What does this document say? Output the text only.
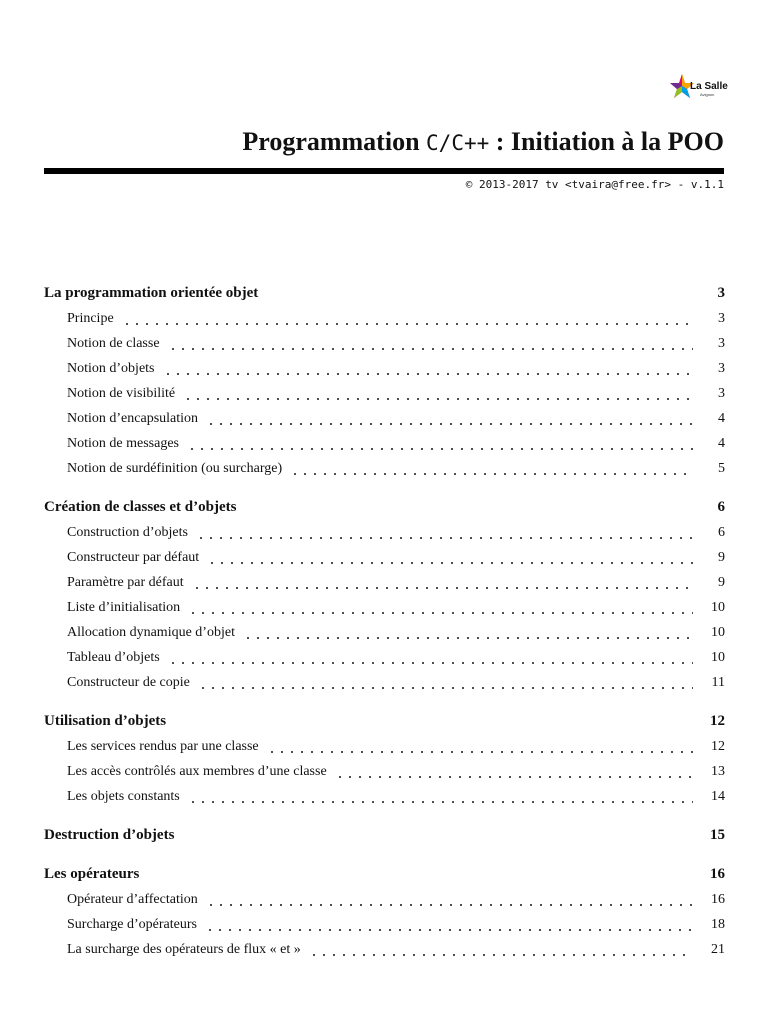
La Salle
Avignon
Programmation C/C++ : Initiation à la POO
© 2013-2017 tv <tvaira@free.fr> - v.1.1
La programmation orientée objet	3
Principe	3
Notion de classe	3
Notion d’objets	3
Notion de visibilité	3
Notion d’encapsulation	4
Notion de messages	4
Notion de surdéfinition (ou surcharge)	5
Création de classes et d’objets	6
Construction d’objets	6
Constructeur par défaut	9
Paramètre par défaut	9
Liste d’initialisation	10
Allocation dynamique d’objet	10
Tableau d’objets	10
Constructeur de copie	11
Utilisation d’objets	12
Les services rendus par une classe	12
Les accès contrôlés aux membres d’une classe	13
Les objets constants	14
Destruction d’objets	15
Les opérateurs	16
Opérateur d’affectation	16
Surcharge d’opérateurs	18
La surcharge des opérateurs de flux « et »	21
